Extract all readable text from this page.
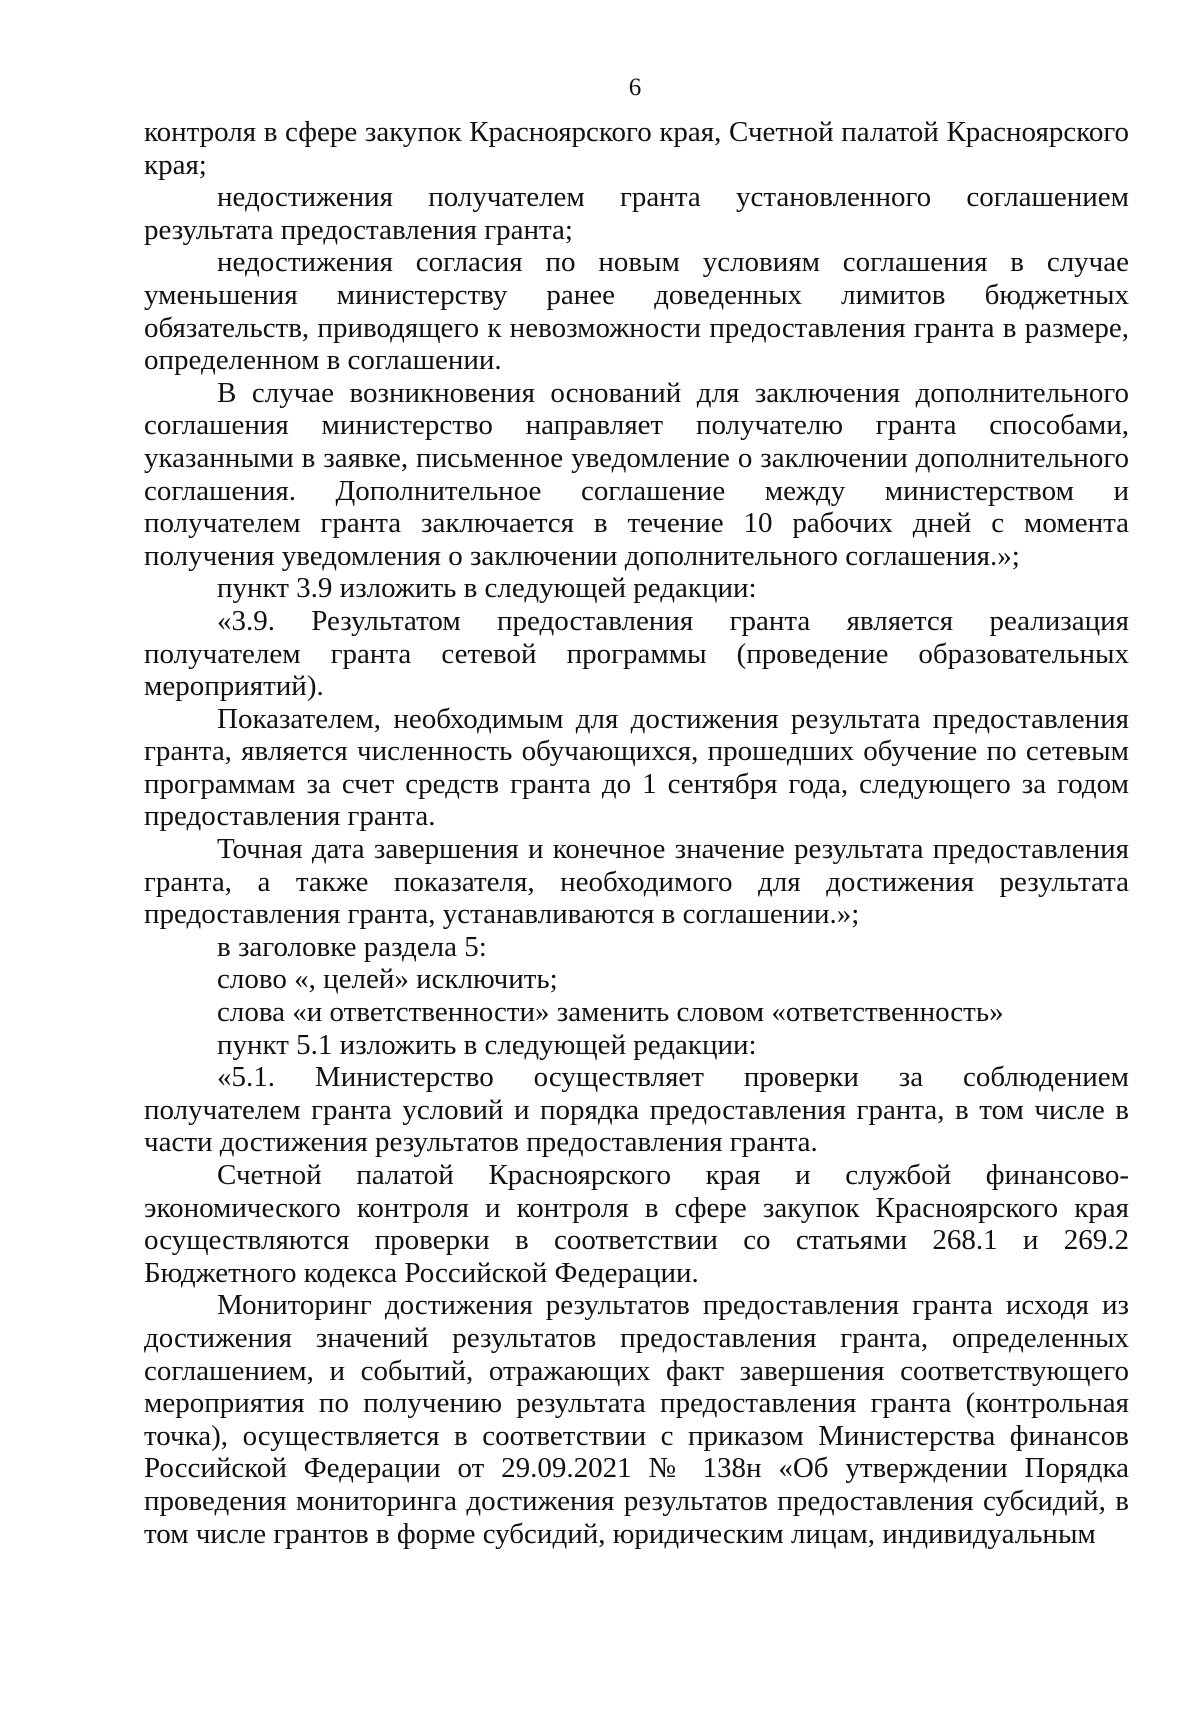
6

контроля в сфере закупок Красноярского края, Счетной палатой Красноярского края;

недостижения получателем гранта установленного соглашением результата предоставления гранта;

недостижения согласия по новым условиям соглашения в случае уменьшения министерству ранее доведенных лимитов бюджетных обязательств, приводящего к невозможности предоставления гранта в размере, определенном в соглашении.

В случае возникновения оснований для заключения дополнительного соглашения министерство направляет получателю гранта способами, указанными в заявке, письменное уведомление о заключении дополнительного соглашения. Дополнительное соглашение между министерством и получателем гранта заключается в течение 10 рабочих дней с момента получения уведомления о заключении дополнительного соглашения.»;

пункт 3.9 изложить в следующей редакции:

«3.9. Результатом предоставления гранта является реализация получателем гранта сетевой программы (проведение образовательных мероприятий).

Показателем, необходимым для достижения результата предоставления гранта, является численность обучающихся, прошедших обучение по сетевым программам за счет средств гранта до 1 сентября года, следующего за годом предоставления гранта.

Точная дата завершения и конечное значение результата предоставления гранта, а также показателя, необходимого для достижения результата предоставления гранта, устанавливаются в соглашении.»;

в заголовке раздела 5:

слово «, целей» исключить;

слова «и ответственности» заменить словом «ответственность»

пункт 5.1 изложить в следующей редакции:

«5.1. Министерство осуществляет проверки за соблюдением получателем гранта условий и порядка предоставления гранта, в том числе в части достижения результатов предоставления гранта.

Счетной палатой Красноярского края и службой финансово-экономического контроля и контроля в сфере закупок Красноярского края осуществляются проверки в соответствии со статьями 268.1 и 269.2 Бюджетного кодекса Российской Федерации.

Мониторинг достижения результатов предоставления гранта исходя из достижения значений результатов предоставления гранта, определенных соглашением, и событий, отражающих факт завершения соответствующего мероприятия по получению результата предоставления гранта (контрольная точка), осуществляется в соответствии с приказом Министерства финансов Российской Федерации от 29.09.2021 № 138н «Об утверждении Порядка проведения мониторинга достижения результатов предоставления субсидий, в том числе грантов в форме субсидий, юридическим лицам, индивидуальным
